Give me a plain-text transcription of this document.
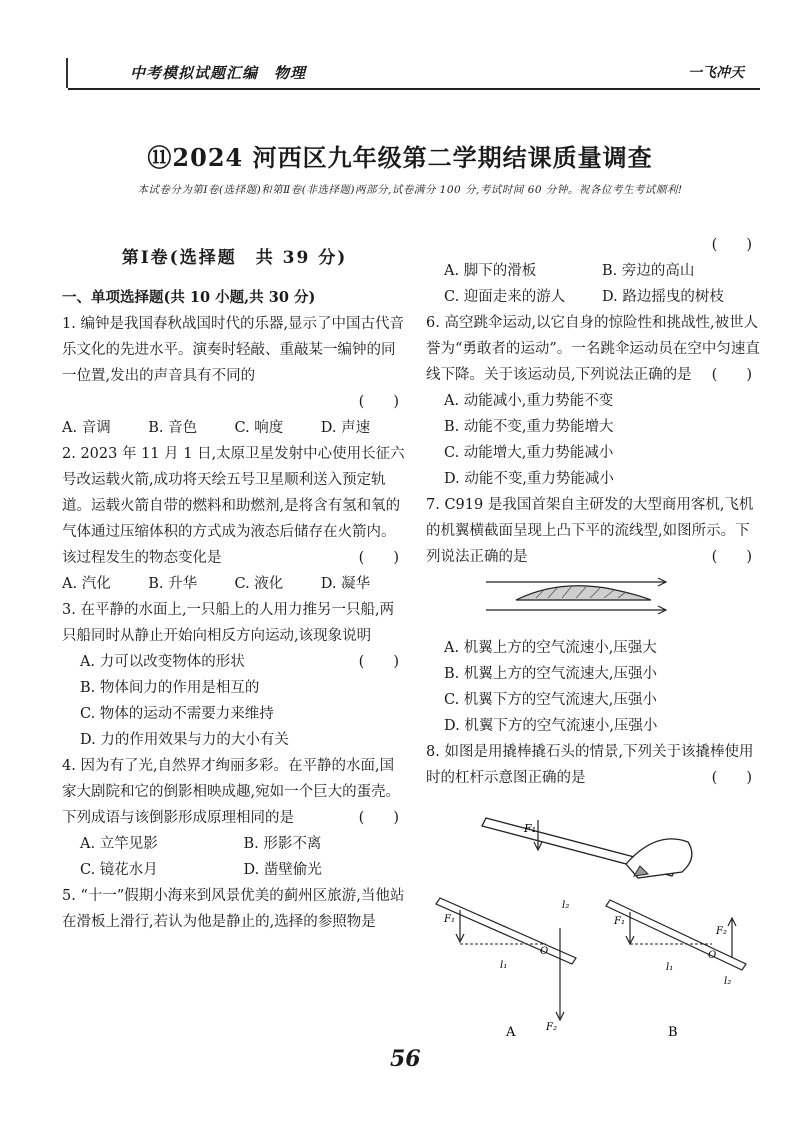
中考模拟试题汇编　物理	一飞冲天
⑪2024 河西区九年级第二学期结课质量调查
本试卷分为第Ⅰ卷(选择题)和第Ⅱ卷(非选择题)两部分,试卷满分 100 分,考试时间 60 分钟。祝各位考生考试顺利!

第Ⅰ卷(选择题　共 39 分)

一、单项选择题(共 10 小题,共 30 分)

1. 编钟是我国春秋战国时代的乐器,显示了中国古代音乐文化的先进水平。演奏时轻敲、重敲某一编钟的同一位置,发出的声音具有不同的

(　　)

A. 音调	B. 音色	C. 响度	D. 声速

2. 2023 年 11 月 1 日,太原卫星发射中心使用长征六号改运载火箭,成功将天绘五号卫星顺利送入预定轨道。运载火箭自带的燃料和助燃剂,是将含有氢和氧的气体通过压缩体积的方式成为液态后储存在火箭内。该过程发生的物态变化是	(　　)

A. 汽化	B. 升华	C. 液化	D. 凝华

3. 在平静的水面上,一只船上的人用力推另一只船,两只船同时从静止开始向相反方向运动,该现象说明
(　　)

A. 力可以改变物体的形状

B. 物体间力的作用是相互的

C. 物体的运动不需要力来维持

D. 力的作用效果与力的大小有关

4. 因为有了光,自然界才绚丽多彩。在平静的水面,国家大剧院和它的倒影相映成趣,宛如一个巨大的蛋壳。下列成语与该倒影形成原理相同的是	(　　)

A. 立竿见影	B. 形影不离

C. 镜花水月	D. 凿壁偷光

5. “十一”假期小海来到风景优美的蓟州区旅游,当他站在滑板上滑行,若认为他是静止的,选择的参照物是

(　　)

A. 脚下的滑板	B. 旁边的高山

C. 迎面走来的游人	D. 路边摇曳的树枝

6. 高空跳伞运动,以它自身的惊险性和挑战性,被世人誉为“勇敢者的运动”。一名跳伞运动员在空中匀速直线下降。关于该运动员,下列说法正确的是 (　　)

A. 动能减小,重力势能不变

B. 动能不变,重力势能增大

C. 动能增大,重力势能减小

D. 动能不变,重力势能减小

7. C919 是我国首架自主研发的大型商用客机,飞机的机翼横截面呈现上凸下平的流线型,如图所示。下列说法正确的是	(　　)

A. 机翼上方的空气流速小,压强大

B. 机翼上方的空气流速大,压强小

C. 机翼下方的空气流速大,压强小

D. 机翼下方的空气流速小,压强小

8. 如图是用撬棒撬石头的情景,下列关于该撬棒使用时的杠杆示意图正确的是	(　　)

F₁
F₁
l₁
O
F₂
l₂
A
F₁
l₁
O
F₂
l₂
B
56
